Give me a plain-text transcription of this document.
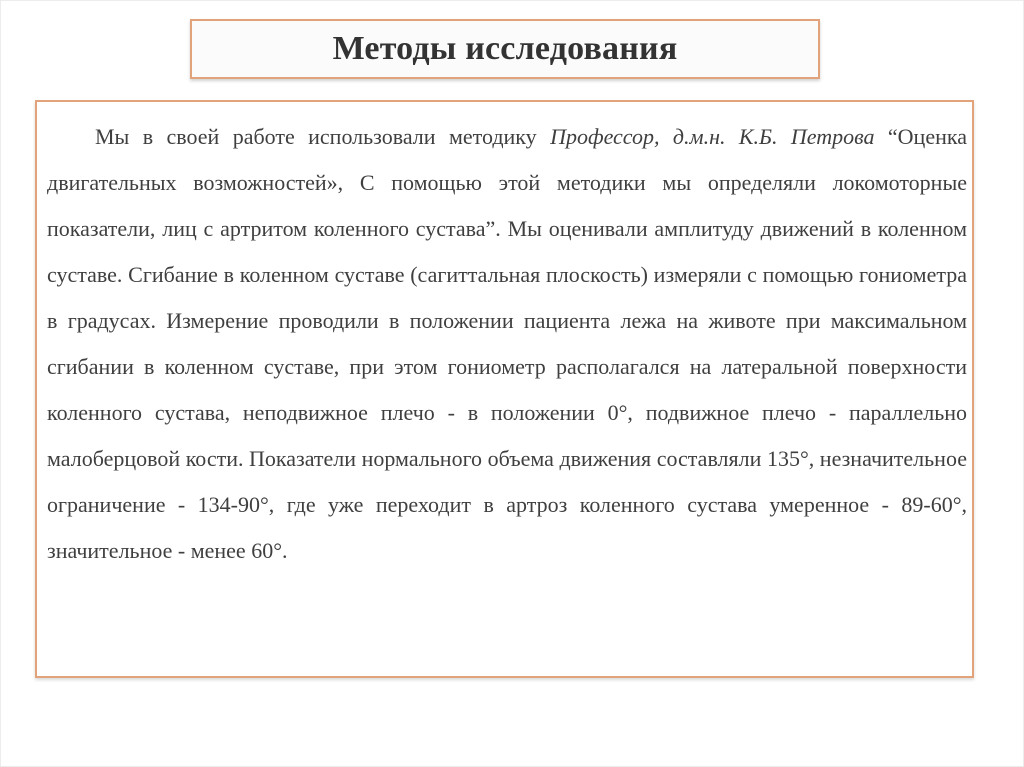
Методы исследования

Мы в своей работе использовали методику Профессор, д.м.н. К.Б. Петрова “Оценка двигательных возможностей», С помощью этой методики мы определяли локомоторные показатели, лиц с артритом коленного сустава”. Мы оценивали амплитуду движений в коленном суставе. Сгибание в коленном суставе (сагиттальная плоскость) измеряли с помощью гониометра в градусах. Измерение проводили в положении пациента лежа на животе при максимальном сгибании в коленном суставе, при этом гониометр располагался на латеральной поверхности коленного сустава, неподвижное плечо - в положении 0°, подвижное плечо - параллельно малоберцовой кости. Показатели нормального объема движения составляли 135°, незначительное ограничение - 134-90°, где уже переходит в артроз коленного сустава умеренное - 89-60°, значительное - менее 60°.
